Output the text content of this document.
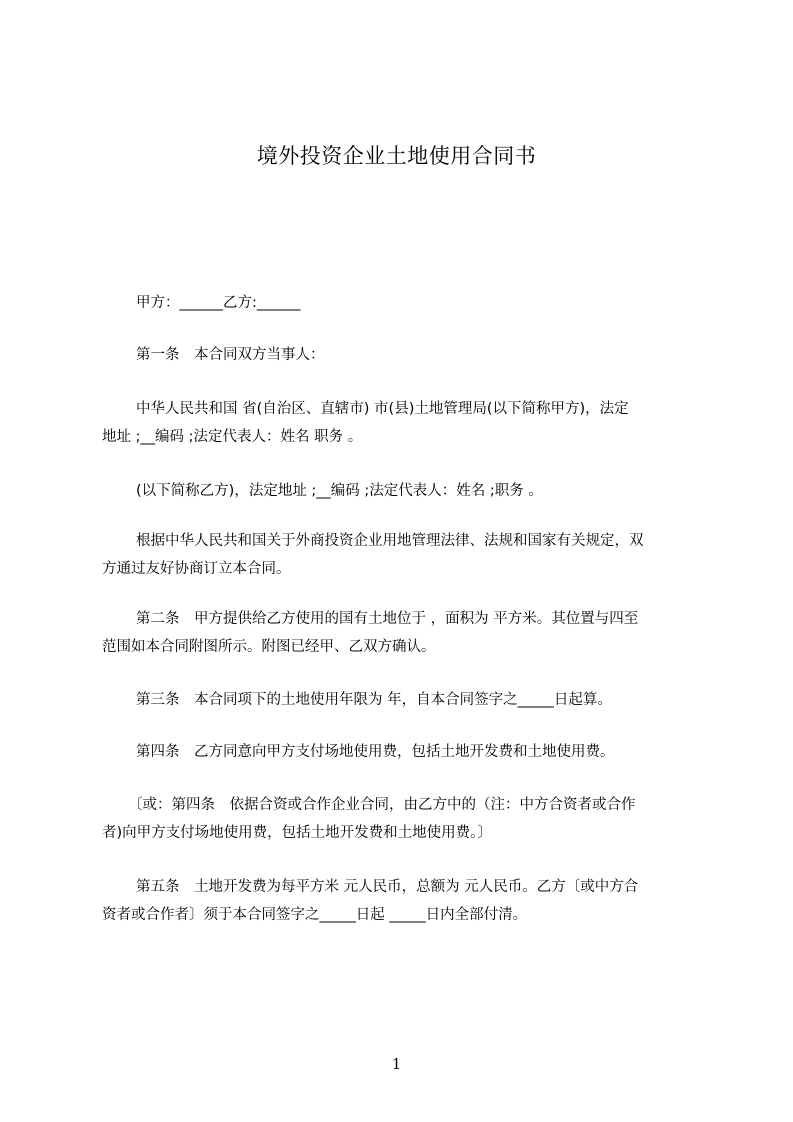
境外投资企业土地使用合同书
甲方：______乙方:______
第一条　本合同双方当事人：
中华人民共和国 省(自治区、直辖市) 市(县)土地管理局(以下简称甲方)，法定
地址 ;__编码 ;法定代表人：姓名 职务 。
(以下简称乙方)，法定地址 ;__编码 ;法定代表人：姓名 ;职务 。
根据中华人民共和国关于外商投资企业用地管理法律、法规和国家有关规定，双
方通过友好协商订立本合同。
第二条　甲方提供给乙方使用的国有土地位于 ，面积为 平方米。其位置与四至
范围如本合同附图所示。附图已经甲、乙双方确认。
第三条　本合同项下的土地使用年限为 年，自本合同签字之_____日起算。
第四条　乙方同意向甲方支付场地使用费，包括土地开发费和土地使用费。
〔或：第四条　依据合资或合作企业合同，由乙方中的（注：中方合资者或合作
者)向甲方支付场地使用费，包括土地开发费和土地使用费。〕
第五条　土地开发费为每平方米 元人民币，总额为 元人民币。乙方〔或中方合
资者或合作者〕须于本合同签字之_____日起 _____日内全部付清。
1
